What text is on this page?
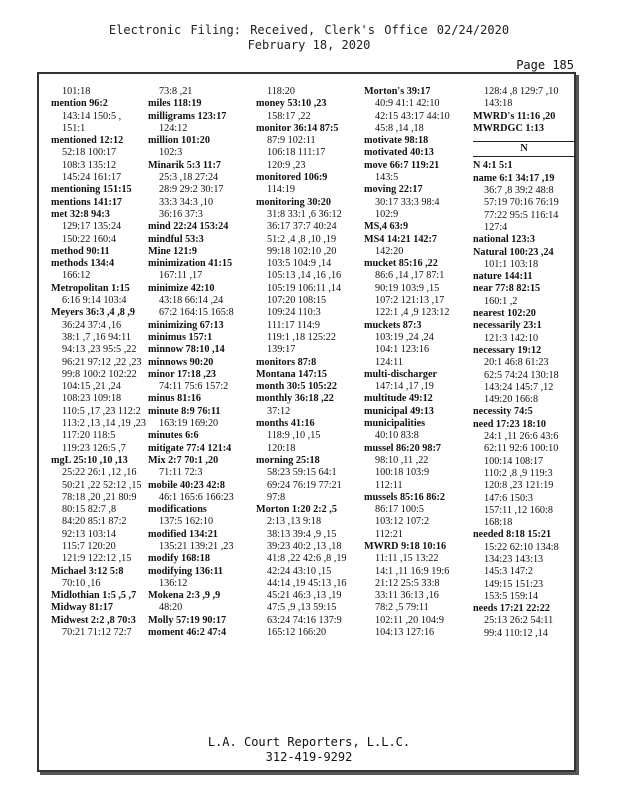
Electronic Filing: Received, Clerk's Office 02/24/2020
February 18, 2020
Page 185
101:18
mention 96:2
143:14 150:5 ,
151:1
mentioned 12:12
52:18 100:17
108:3 135:12
145:24 161:17
mentioning 151:15
mentions 141:17
met 32:8 94:3
129:17 135:24
150:22 160:4
method 90:11
methods 134:4
166:12
Metropolitan 1:15
6:16 9:14 103:4
Meyers 36:3 ,4 ,8 ,9
36:24 37:4 ,16
38:1 ,7 ,16 94:11
94:13 ,23 95:5 ,22
96:21 97:12 ,22 ,23
99:8 100:2 102:22
104:15 ,21 ,24
108:23 109:18
110:5 ,17 ,23 112:2
113:2 ,13 ,14 ,19 ,23
117:20 118:5
119:23 126:5 ,7
mgL 25:10 ,10 ,13
25:22 26:1 ,12 ,16
50:21 ,22 52:12 ,15
78:18 ,20 ,21 80:9
80:15 82:7 ,8
84:20 85:1 87:2
92:13 103:14
115:7 120:20
121:9 122:12 ,15
Michael 3:12 5:8
70:10 ,16
Midlothian 1:5 ,5 ,7
Midway 81:17
Midwest 2:2 ,8 70:3
70:21 71:12 72:7
73:8 ,21
miles 118:19
milligrams 123:17
124:12
million 101:20
102:3
Minarik 5:3 11:7
25:3 ,18 27:24
28:9 29:2 30:17
33:3 34:3 ,10
36:16 37:3
mind 22:24 153:24
mindful 53:3
Mine 121:9
minimization 41:15
167:11 ,17
minimize 42:10
43:18 66:14 ,24
67:2 164:15 165:8
minimizing 67:13
minimus 157:1
minnow 78:10 ,14
minnows 90:20
minor 17:18 ,23
74:11 75:6 157:2
minus 81:16
minute 8:9 76:11
163:19 169:20
minutes 6:6
mitigate 77:4 121:4
Mix 2:7 70:1 ,20
71:11 72:3
mobile 40:23 42:8
46:1 165:6 166:23
modifications
137:5 162:10
modified 134:21
135:21 139:21 ,23
modify 168:18
modifying 136:11
136:12
Mokena 2:3 ,9 ,9
48:20
Molly 57:19 90:17
moment 46:2 47:4
118:20
money 53:10 ,23
158:17 ,22
monitor 36:14 87:5
87:9 102:11
106:18 111:17
120:9 ,23
monitored 106:9
114:19
monitoring 30:20
31:8 33:1 ,6 36:12
36:17 37:7 40:24
51:2 ,4 ,8 ,10 ,19
99:18 102:10 ,20
103:5 104:9 ,14
105:13 ,14 ,16 ,16
105:19 106:11 ,14
107:20 108:15
109:24 110:3
111:17 114:9
119:1 ,18 125:22
139:17
monitors 87:8
Montana 147:15
month 30:5 105:22
monthly 36:18 ,22
37:12
months 41:16
118:9 ,10 ,15
120:18
morning 25:18
58:23 59:15 64:1
69:24 76:19 77:21
97:8
Morton 1:20 2:2 ,5
2:13 ,13 9:18
38:13 39:4 ,9 ,15
39:23 40:2 ,13 ,18
41:8 ,22 42:6 ,8 ,19
42:24 43:10 ,15
44:14 ,19 45:13 ,16
45:21 46:3 ,13 ,19
47:5 ,9 ,13 59:15
63:24 74:16 137:9
165:12 166:20
Morton's 39:17
40:9 41:1 42:10
42:15 43:17 44:10
45:8 ,14 ,18
motivate 98:18
motivated 40:13
move 66:7 119:21
143:5
moving 22:17
30:17 33:3 98:4
102:9
MS,4 63:9
MS4 14:21 142:7
142:20
mucket 85:16 ,22
86:6 ,14 ,17 87:1
90:19 103:9 ,15
107:2 121:13 ,17
122:1 ,4 ,9 123:12
muckets 87:3
103:19 ,24 ,24
104:1 123:16
124:11
multi-discharger
147:14 ,17 ,19
multitude 49:12
municipal 49:13
municipalities
40:10 83:8
mussel 86:20 98:7
98:10 ,11 ,22
100:18 103:9
112:11
mussels 85:16 86:2
86:17 100:5
103:12 107:2
112:21
MWRD 9:18 10:16
11:11 ,15 13:22
14:1 ,11 16:9 19:6
21:12 25:5 33:8
33:11 36:13 ,16
78:2 ,5 79:11
102:11 ,20 104:9
104:13 127:16
128:4 ,8 129:7 ,10
143:18
MWRD's 11:16 ,20
MWRDGC 1:13
N
N 4:1 5:1
name 6:1 34:17 ,19
36:7 ,8 39:2 48:8
57:19 70:16 76:19
77:22 95:5 116:14
127:4
national 123:3
Natural 100:23 ,24
101:1 103:18
nature 144:11
near 77:8 82:15
160:1 ,2
nearest 102:20
necessarily 23:1
121:3 142:10
necessary 19:12
20:1 46:8 61:23
62:5 74:24 130:18
143:24 145:7 ,12
149:20 166:8
necessity 74:5
need 17:23 18:10
24:1 ,11 26:6 43:6
62:11 92:6 100:10
100:14 108:17
110:2 ,8 ,9 119:3
120:8 ,23 121:19
147:6 150:3
157:11 ,12 160:8
168:18
needed 8:18 15:21
15:22 62:10 134:8
134:23 143:13
145:3 147:2
149:15 151:23
153:5 159:14
needs 17:21 22:22
25:13 26:2 54:11
99:4 110:12 ,14
L.A. Court Reporters, L.L.C.
312-419-9292
